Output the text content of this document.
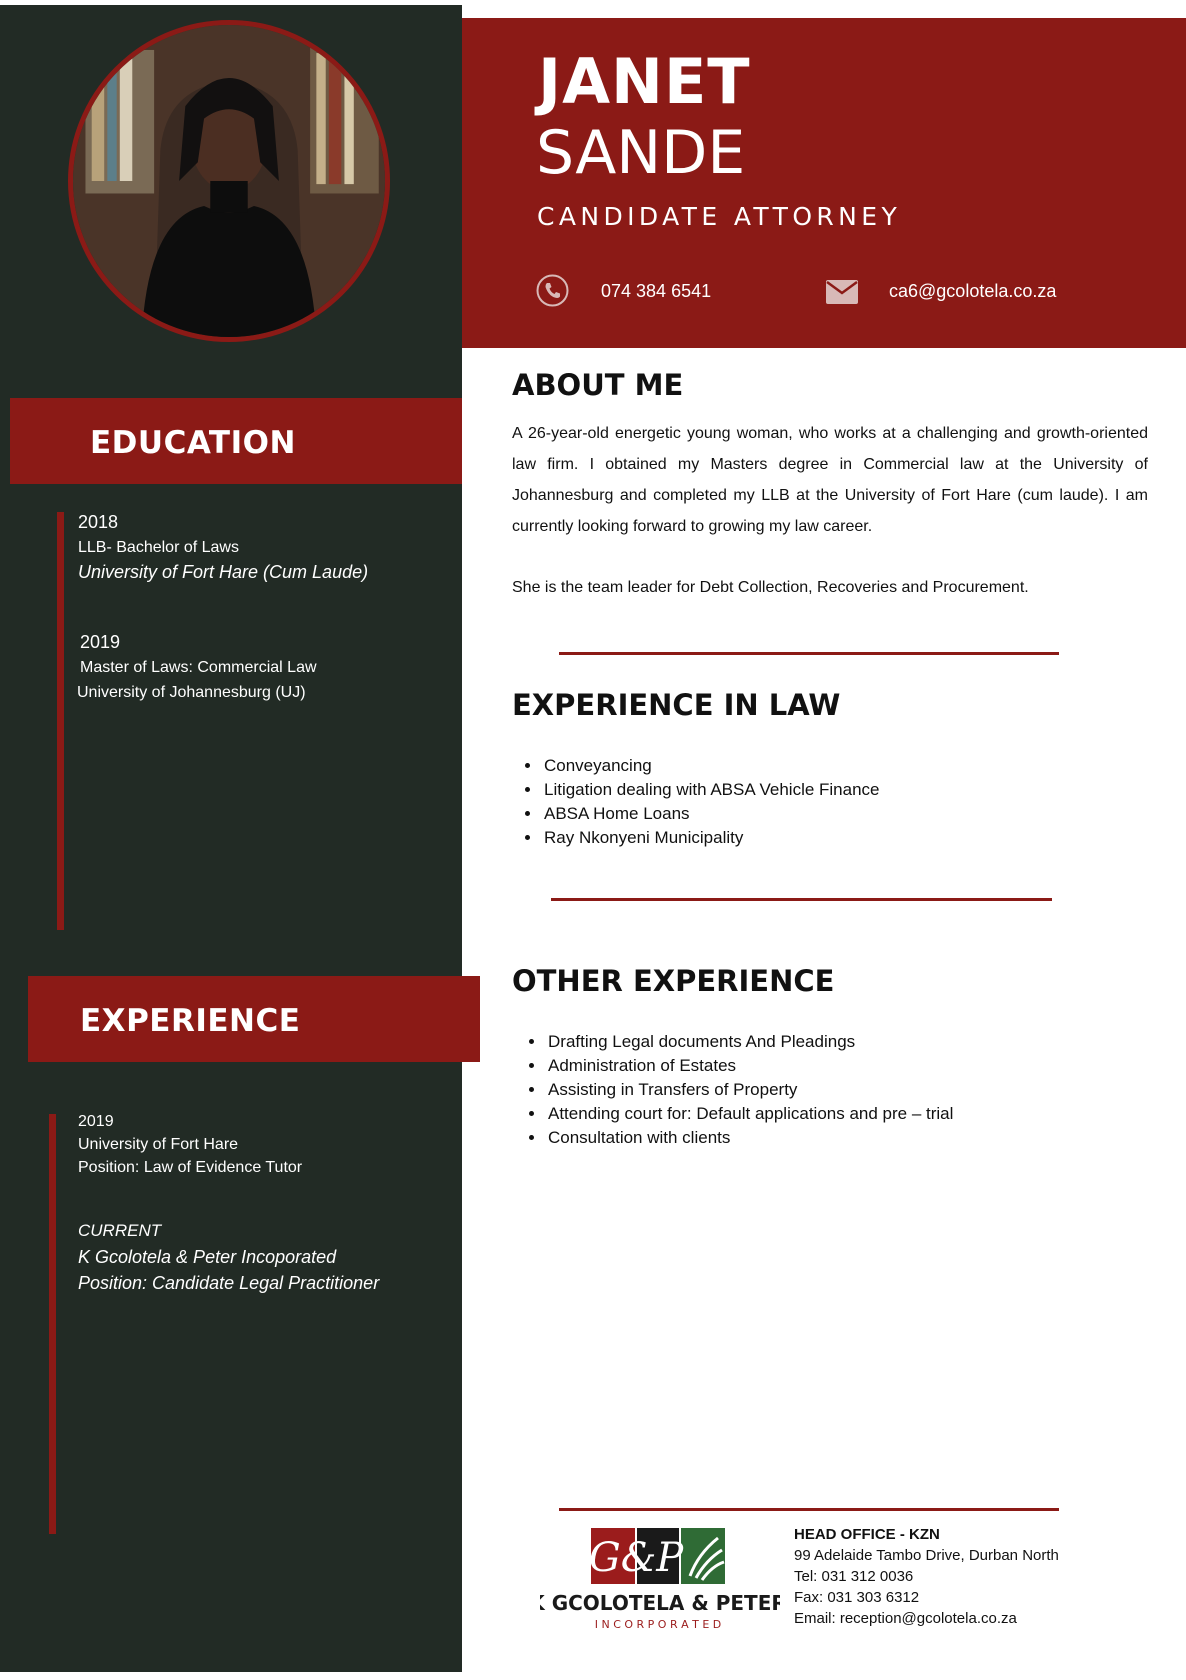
EDUCATION
2018
LLB- Bachelor of Laws
University of Fort Hare (Cum Laude)
2019
Master of Laws: Commercial Law
University of Johannesburg (UJ)
EXPERIENCE
2019
University of Fort Hare
Position: Law of Evidence Tutor
CURRENT
K Gcolotela & Peter Incoporated
Position: Candidate Legal Practitioner
JANET
SANDE
CANDIDATE ATTORNEY
074 384 6541	ca6@gcolotela.co.za
ABOUT ME
A 26-year-old energetic young woman, who works at a challenging and growth-oriented law firm. I obtained my Masters degree in Commercial law at the University of Johannesburg and completed my LLB at the University of Fort Hare (cum laude). I am currently looking forward to growing my law career.
She is the team leader for Debt Collection, Recoveries and Procurement.
EXPERIENCE IN LAW
• Conveyancing
• Litigation dealing with ABSA Vehicle Finance
• ABSA Home Loans
• Ray Nkonyeni Municipality
OTHER EXPERIENCE
• Drafting Legal documents And Pleadings
• Administration of Estates
• Assisting in Transfers of Property
• Attending court for: Default applications and pre – trial
• Consultation with clients
G&P
K GCOLOTELA & PETER
I N C O R P O R A T E D
HEAD OFFICE - KZN
99 Adelaide Tambo Drive, Durban North
Tel: 031 312 0036
Fax: 031 303 6312
Email: reception@gcolotela.co.za
